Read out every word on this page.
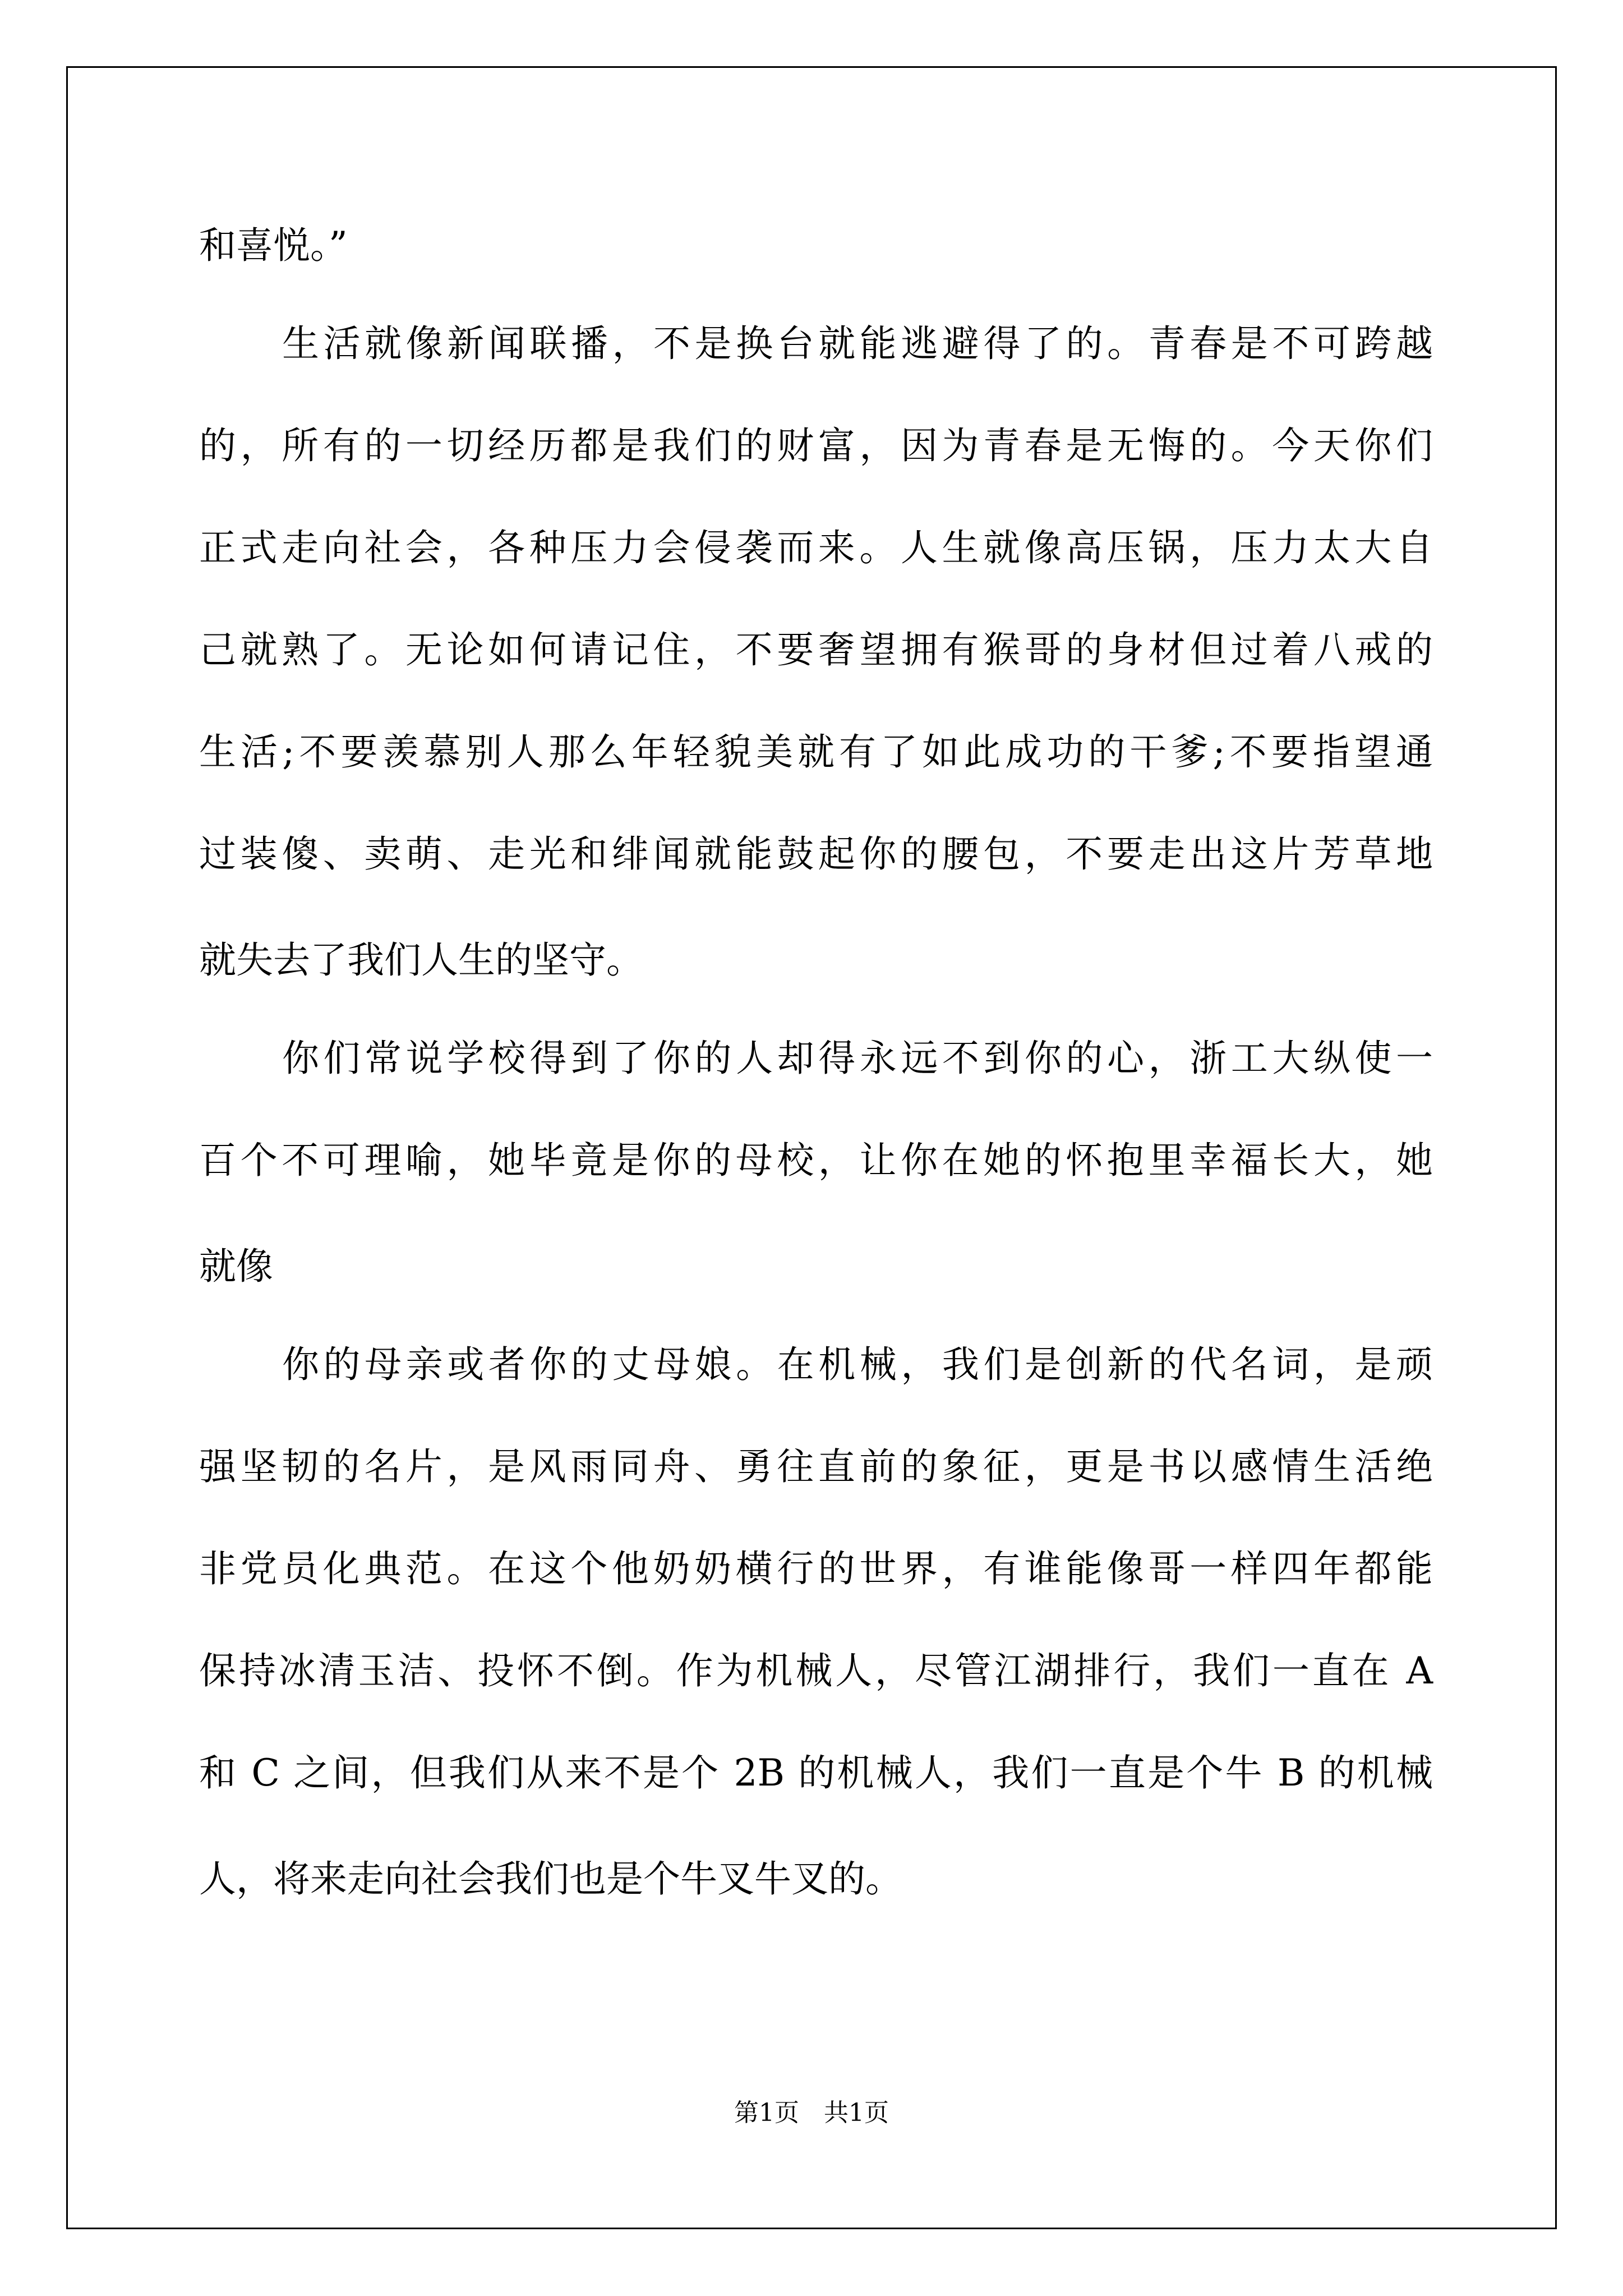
和喜悦。”
生活就像新闻联播，不是换台就能逃避得了的。青春是不可跨越
的，所有的一切经历都是我们的财富，因为青春是无悔的。今天你们
正式走向社会，各种压力会侵袭而来。人生就像高压锅，压力太大自
己就熟了。无论如何请记住，不要奢望拥有猴哥的身材但过着八戒的
生活;不要羡慕别人那么年轻貌美就有了如此成功的干爹;不要指望通
过装傻、卖萌、走光和绯闻就能鼓起你的腰包，不要走出这片芳草地
就失去了我们人生的坚守。
你们常说学校得到了你的人却得永远不到你的心，浙工大纵使一
百个不可理喻，她毕竟是你的母校，让你在她的怀抱里幸福长大，她
就像
你的母亲或者你的丈母娘。在机械，我们是创新的代名词，是顽
强坚韧的名片，是风雨同舟、勇往直前的象征，更是书以感情生活绝
非党员化典范。在这个他奶奶横行的世界，有谁能像哥一样四年都能
保持冰清玉洁、投怀不倒。作为机械人，尽管江湖排行，我们一直在 A
和 C 之间，但我们从来不是个 2B 的机械人，我们一直是个牛 B 的机械
人，将来走向社会我们也是个牛叉牛叉的。
第1页　共1页
